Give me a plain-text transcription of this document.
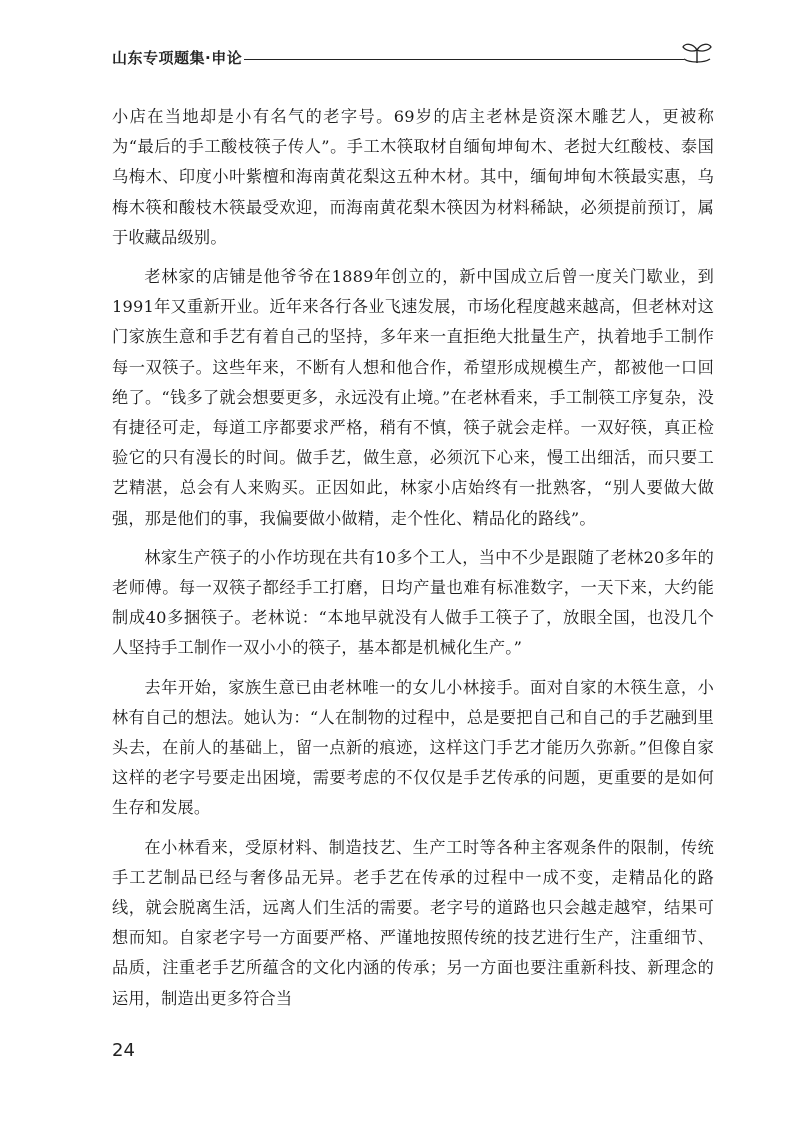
山东专项题集·申论

小店在当地却是小有名气的老字号。69岁的店主老林是资深木雕艺人，更被称为“最后的手工酸枝筷子传人”。手工木筷取材自缅甸坤甸木、老挝大红酸枝、泰国乌梅木、印度小叶紫檀和海南黄花梨这五种木材。其中，缅甸坤甸木筷最实惠，乌梅木筷和酸枝木筷最受欢迎，而海南黄花梨木筷因为材料稀缺，必须提前预订，属于收藏品级别。

老林家的店铺是他爷爷在1889年创立的，新中国成立后曾一度关门歇业，到1991年又重新开业。近年来各行各业飞速发展，市场化程度越来越高，但老林对这门家族生意和手艺有着自己的坚持，多年来一直拒绝大批量生产，执着地手工制作每一双筷子。这些年来，不断有人想和他合作，希望形成规模生产，都被他一口回绝了。“钱多了就会想要更多，永远没有止境。”在老林看来，手工制筷工序复杂，没有捷径可走，每道工序都要求严格，稍有不慎，筷子就会走样。一双好筷，真正检验它的只有漫长的时间。做手艺，做生意，必须沉下心来，慢工出细活，而只要工艺精湛，总会有人来购买。正因如此，林家小店始终有一批熟客，“别人要做大做强，那是他们的事，我偏要做小做精，走个性化、精品化的路线”。

林家生产筷子的小作坊现在共有10多个工人，当中不少是跟随了老林20多年的老师傅。每一双筷子都经手工打磨，日均产量也难有标准数字，一天下来，大约能制成40多捆筷子。老林说：“本地早就没有人做手工筷子了，放眼全国，也没几个人坚持手工制作一双小小的筷子，基本都是机械化生产。”

去年开始，家族生意已由老林唯一的女儿小林接手。面对自家的木筷生意，小林有自己的想法。她认为：“人在制物的过程中，总是要把自己和自己的手艺融到里头去，在前人的基础上，留一点新的痕迹，这样这门手艺才能历久弥新。”但像自家这样的老字号要走出困境，需要考虑的不仅仅是手艺传承的问题，更重要的是如何生存和发展。

在小林看来，受原材料、制造技艺、生产工时等各种主客观条件的限制，传统手工艺制品已经与奢侈品无异。老手艺在传承的过程中一成不变，走精品化的路线，就会脱离生活，远离人们生活的需要。老字号的道路也只会越走越窄，结果可想而知。自家老字号一方面要严格、严谨地按照传统的技艺进行生产，注重细节、品质，注重老手艺所蕴含的文化内涵的传承；另一方面也要注重新科技、新理念的运用，制造出更多符合当

24
